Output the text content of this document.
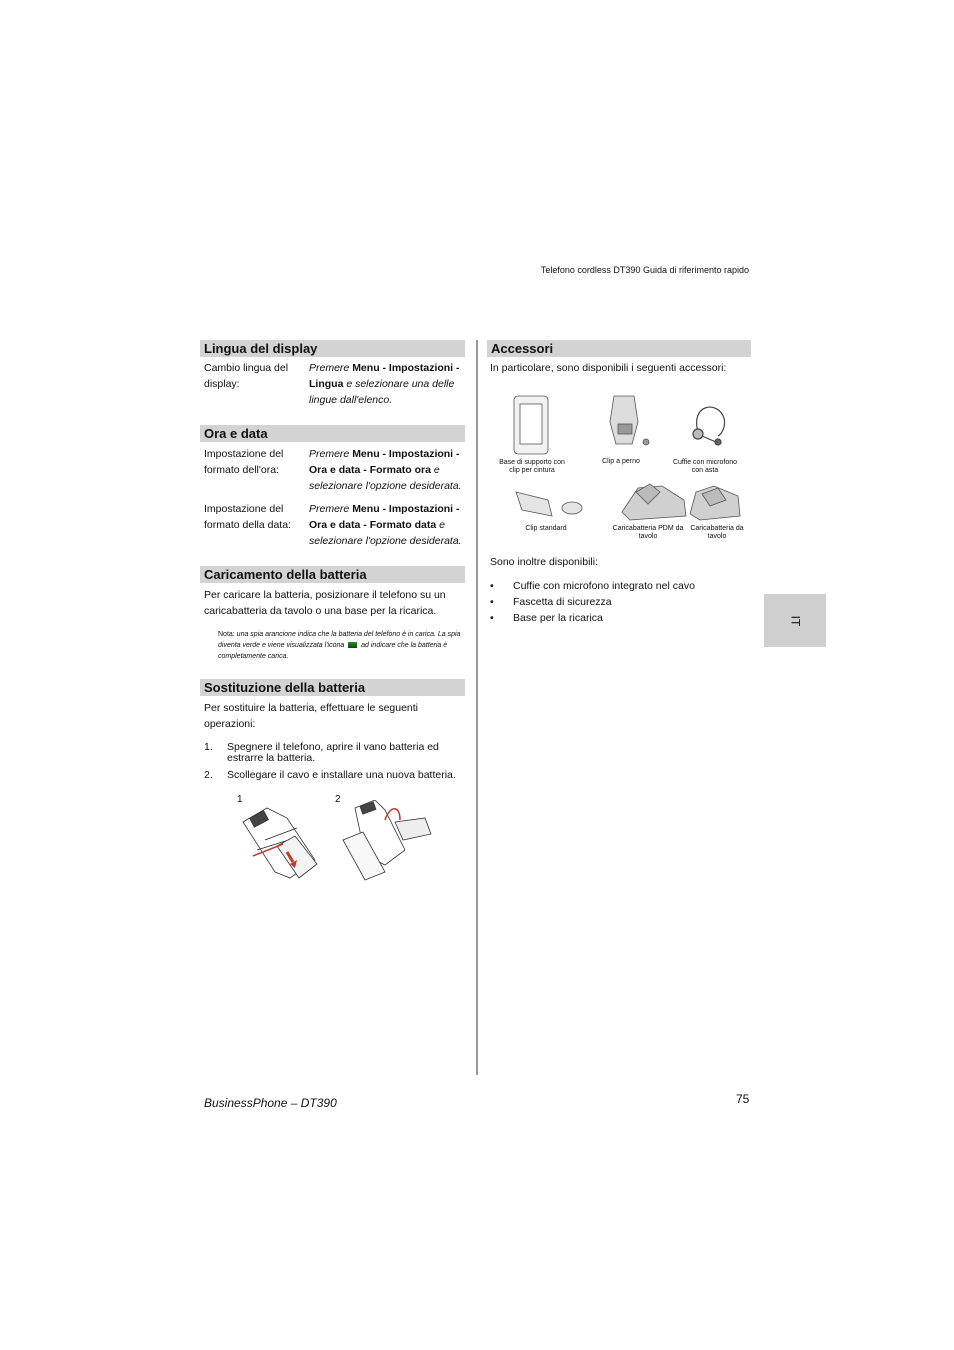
Telefono cordless DT390 Guida di riferimento rapido
Lingua del display
Cambio lingua del display:
Premere Menu - Impostazioni - Lingua e selezionare una delle lingue dall'elenco.
Ora e data
Impostazione del formato dell'ora:
Premere Menu - Impostazioni - Ora e data - Formato ora e selezionare l'opzione desiderata.
Impostazione del formato della data:
Premere Menu - Impostazioni - Ora e data - Formato data e selezionare l'opzione desiderata.
Caricamento della batteria
Per caricare la batteria, posizionare il telefono su un caricabatteria da tavolo o una base per la ricarica.
Nota: una spia arancione indica che la batteria del telefono è in carica. La spia diventa verde e viene visualizzata l'icona  ad indicare che la batteria è completamente carica.
Sostituzione della batteria
Per sostituire la batteria, effettuare le seguenti operazioni:
1. Spegnere il telefono, aprire il vano batteria ed estrarre la batteria.
2. Scollegare il cavo e installare una nuova batteria.
1	2
Accessori
In particolare, sono disponibili i seguenti accessori:
Base di supporto con clip per cintura
Clip a perno	Cuffie con microfono con asta
Clip standard	Caricabatteria PDM da tavolo
Caricabatteria da tavolo
Sono inoltre disponibili:
• Cuffie con microfono integrato nel cavo
• Fascetta di sicurezza
• Base per la ricarica	IT
BusinessPhone – DT390	75
